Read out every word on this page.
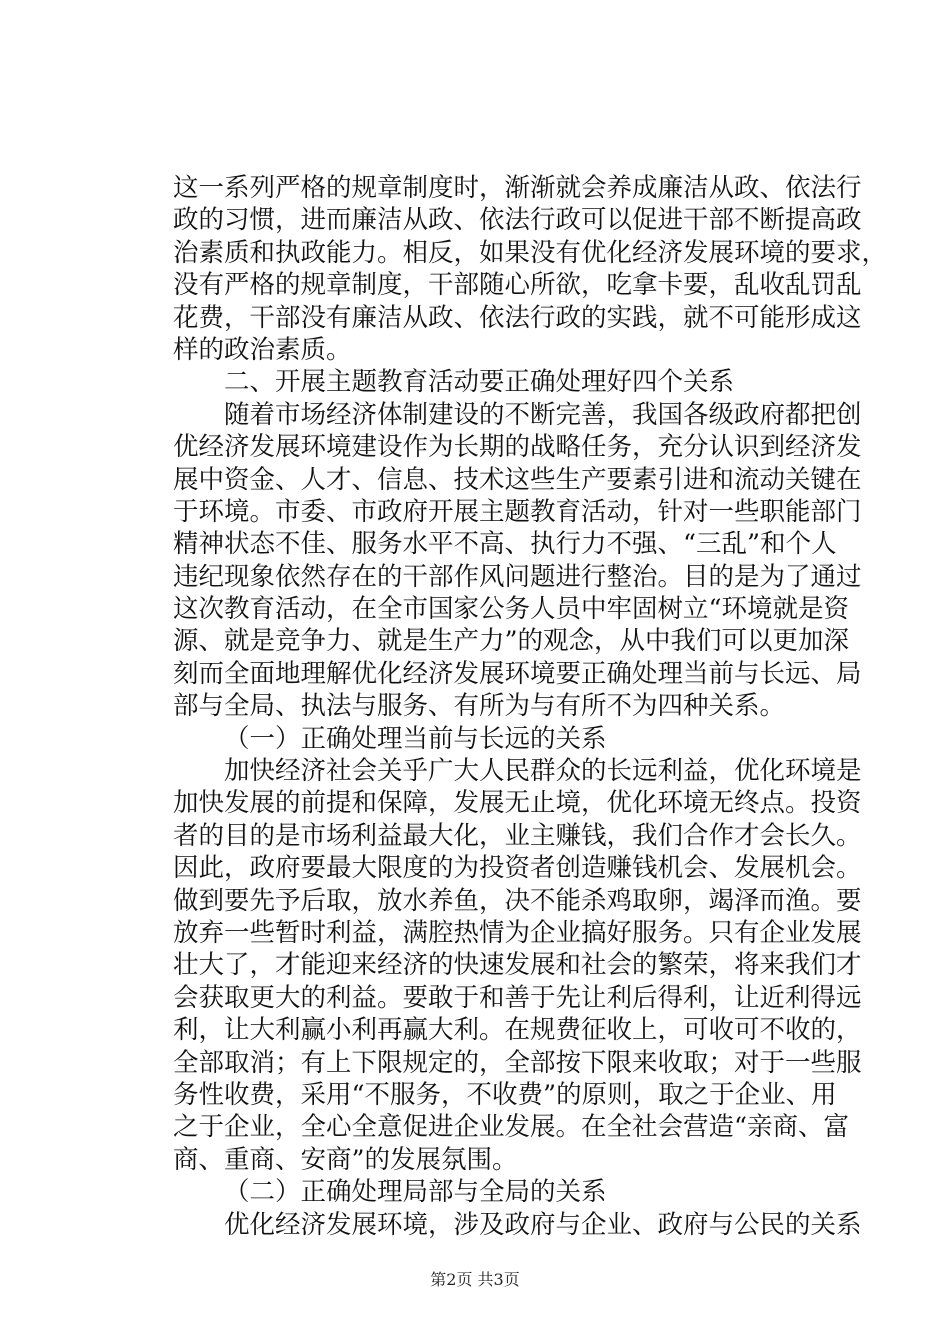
这一系列严格的规章制度时，渐渐就会养成廉洁从政、依法行
政的习惯，进而廉洁从政、依法行政可以促进干部不断提高政
治素质和执政能力。相反，如果没有优化经济发展环境的要求，
没有严格的规章制度，干部随心所欲，吃拿卡要，乱收乱罚乱
花费，干部没有廉洁从政、依法行政的实践，就不可能形成这
样的政治素质。
二、开展主题教育活动要正确处理好四个关系
随着市场经济体制建设的不断完善，我国各级政府都把创
优经济发展环境建设作为长期的战略任务，充分认识到经济发
展中资金、人才、信息、技术这些生产要素引进和流动关键在
于环境。市委、市政府开展主题教育活动，针对一些职能部门
精神状态不佳、服务水平不高、执行力不强、“三乱”和个人
违纪现象依然存在的干部作风问题进行整治。目的是为了通过
这次教育活动，在全市国家公务人员中牢固树立“环境就是资
源、就是竞争力、就是生产力”的观念，从中我们可以更加深
刻而全面地理解优化经济发展环境要正确处理当前与长远、局
部与全局、执法与服务、有所为与有所不为四种关系。
（一）正确处理当前与长远的关系
加快经济社会关乎广大人民群众的长远利益，优化环境是
加快发展的前提和保障，发展无止境，优化环境无终点。投资
者的目的是市场利益最大化，业主赚钱，我们合作才会长久。
因此，政府要最大限度的为投资者创造赚钱机会、发展机会。
做到要先予后取，放水养鱼，决不能杀鸡取卵，竭泽而渔。要
放弃一些暂时利益，满腔热情为企业搞好服务。只有企业发展
壮大了，才能迎来经济的快速发展和社会的繁荣，将来我们才
会获取更大的利益。要敢于和善于先让利后得利，让近利得远
利，让大利赢小利再赢大利。在规费征收上，可收可不收的，
全部取消；有上下限规定的，全部按下限来收取；对于一些服
务性收费，采用“不服务，不收费”的原则，取之于企业、用
之于企业，全心全意促进企业发展。在全社会营造“亲商、富
商、重商、安商”的发展氛围。
（二）正确处理局部与全局的关系
优化经济发展环境，涉及政府与企业、政府与公民的关系
第2页 共3页
